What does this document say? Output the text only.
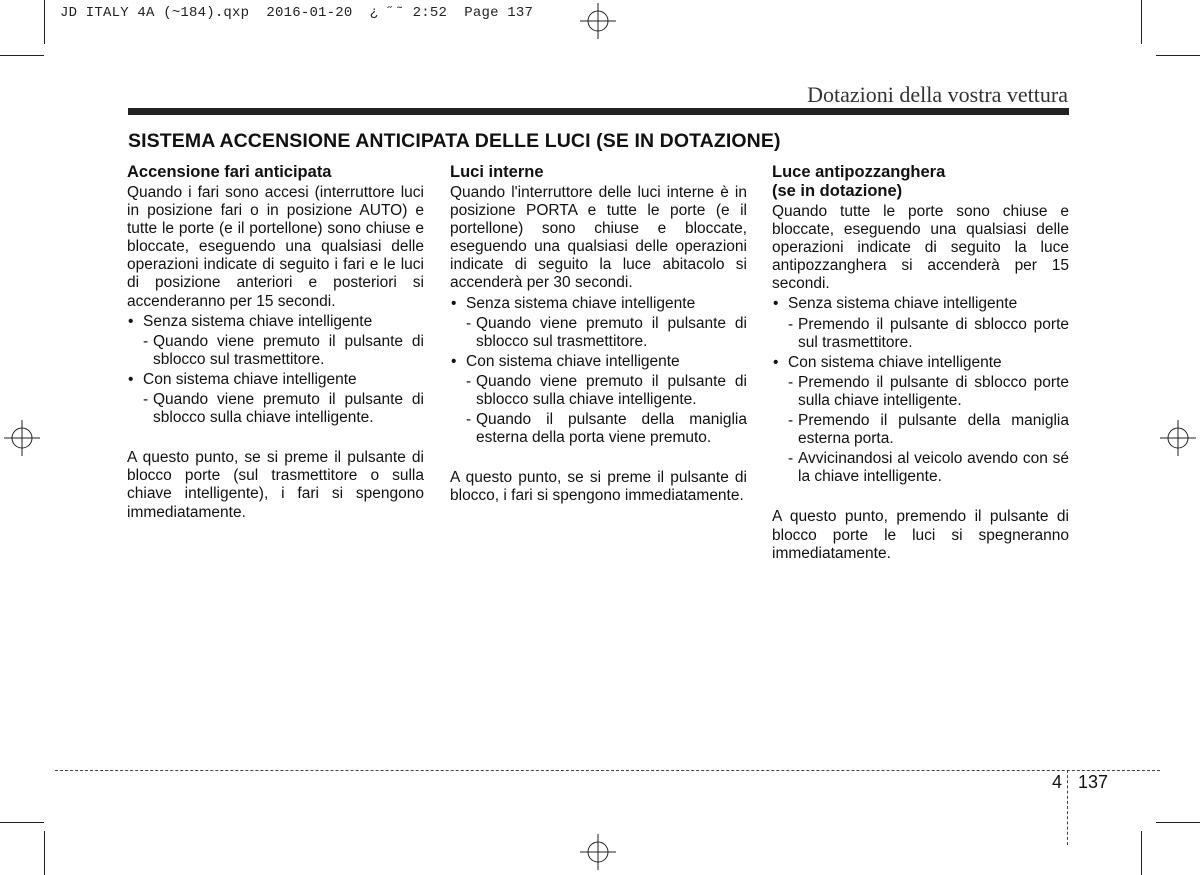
JD ITALY 4A (~184).qxp  2016-01-20  ¿ ˝˜ 2:52  Page 137
Dotazioni della vostra vettura
SISTEMA ACCENSIONE ANTICIPATA DELLE LUCI (SE IN DOTAZIONE)
Accensione fari anticipata

Quando i fari sono accesi (interruttore luci in posizione fari o in posizione AUTO) e tutte le porte (e il portellone) sono chiuse e bloccate, eseguendo una qualsiasi delle operazioni indicate di seguito i fari e le luci di posizione anteriori e posteriori si accenderanno per 15 secondi.

• Senza sistema chiave intelligente
- Quando viene premuto il pulsante di sblocco sul trasmettitore.
• Con sistema chiave intelligente
- Quando viene premuto il pulsante di sblocco sulla chiave intelligente.

A questo punto, se si preme il pulsante di blocco porte (sul trasmettitore o sulla chiave intelligente), i fari si spengono immediatamente.

Luci interne

Quando l'interruttore delle luci interne è in posizione PORTA e tutte le porte (e il portellone) sono chiuse e bloccate, eseguendo una qualsiasi delle operazioni indicate di seguito la luce abitacolo si accenderà per 30 secondi.

• Senza sistema chiave intelligente
- Quando viene premuto il pulsante di sblocco sul trasmettitore.
• Con sistema chiave intelligente
- Quando viene premuto il pulsante di sblocco sulla chiave intelligente.
- Quando il pulsante della maniglia esterna della porta viene premuto.

A questo punto, se si preme il pulsante di blocco, i fari si spengono immediatamente.

Luce antipozzanghera
(se in dotazione)

Quando tutte le porte sono chiuse e bloccate, eseguendo una qualsiasi delle operazioni indicate di seguito la luce antipozzanghera si accenderà per 15 secondi.

• Senza sistema chiave intelligente
- Premendo il pulsante di sblocco porte sul trasmettitore.
• Con sistema chiave intelligente
- Premendo il pulsante di sblocco porte sulla chiave intelligente.
- Premendo il pulsante della maniglia esterna porta.
- Avvicinandosi al veicolo avendo con sé la chiave intelligente.

A questo punto, premendo il pulsante di blocco porte le luci si spegneranno immediatamente.

4 137
